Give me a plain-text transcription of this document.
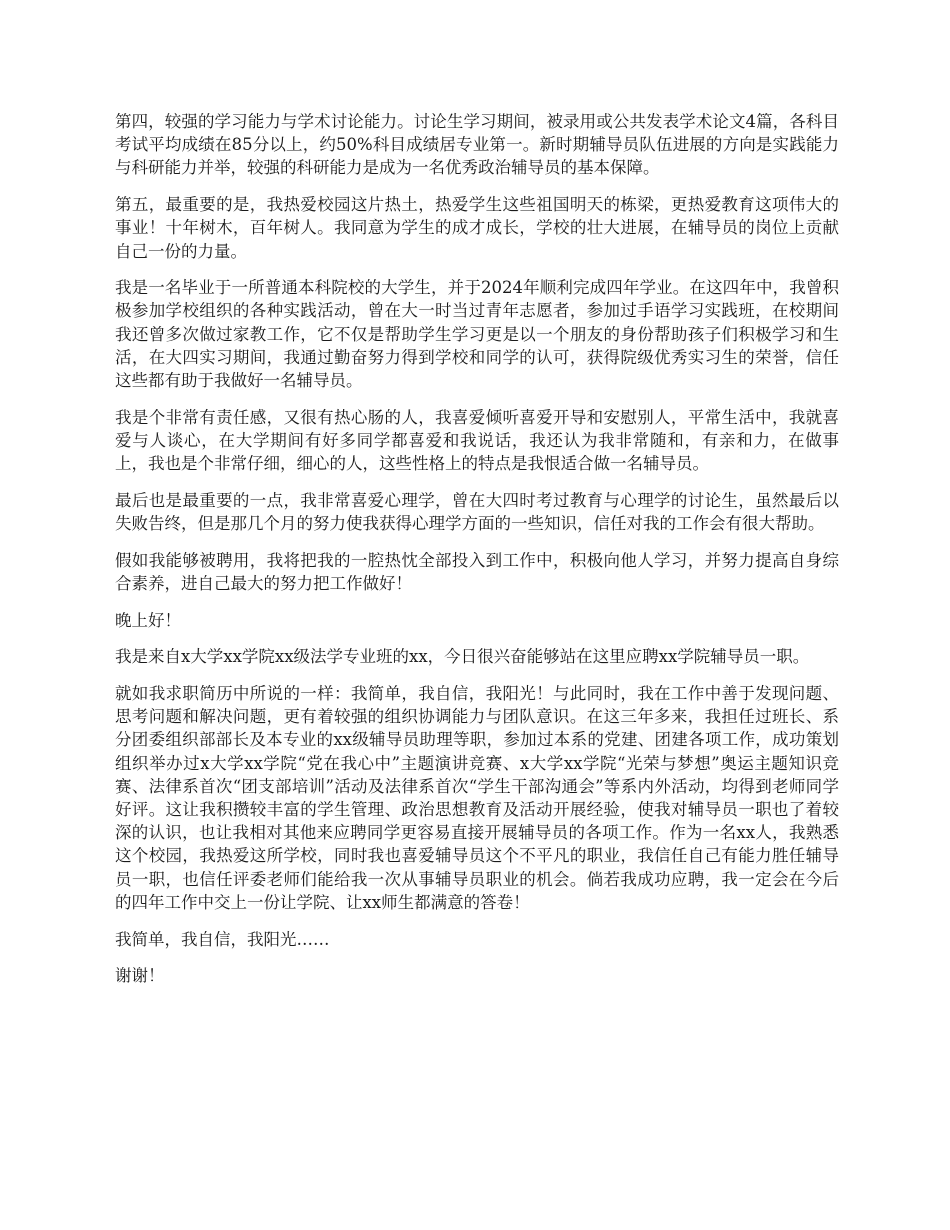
第四，较强的学习能力与学术讨论能力。讨论生学习期间，被录用或公共发表学术论文4篇，各科目考试平均成绩在85分以上，约50%科目成绩居专业第一。新时期辅导员队伍进展的方向是实践能力与科研能力并举，较强的科研能力是成为一名优秀政治辅导员的基本保障。

第五，最重要的是，我热爱校园这片热土，热爱学生这些祖国明天的栋梁，更热爱教育这项伟大的事业！十年树木，百年树人。我同意为学生的成才成长，学校的壮大进展，在辅导员的岗位上贡献自己一份的力量。

我是一名毕业于一所普通本科院校的大学生，并于2024年顺利完成四年学业。在这四年中，我曾积极参加学校组织的各种实践活动，曾在大一时当过青年志愿者，参加过手语学习实践班，在校期间我还曾多次做过家教工作，它不仅是帮助学生学习更是以一个朋友的身份帮助孩子们积极学习和生活，在大四实习期间，我通过勤奋努力得到学校和同学的认可，获得院级优秀实习生的荣誉，信任这些都有助于我做好一名辅导员。

我是个非常有责任感，又很有热心肠的人，我喜爱倾听喜爱开导和安慰别人，平常生活中，我就喜爱与人谈心，在大学期间有好多同学都喜爱和我说话，我还认为我非常随和，有亲和力，在做事上，我也是个非常仔细，细心的人，这些性格上的特点是我恨适合做一名辅导员。

最后也是最重要的一点，我非常喜爱心理学，曾在大四时考过教育与心理学的讨论生，虽然最后以失败告终，但是那几个月的努力使我获得心理学方面的一些知识，信任对我的工作会有很大帮助。

假如我能够被聘用，我将把我的一腔热忱全部投入到工作中，积极向他人学习，并努力提高自身综合素养，进自己最大的努力把工作做好！

晚上好！

我是来自x大学xx学院xx级法学专业班的xx，今日很兴奋能够站在这里应聘xx学院辅导员一职。

就如我求职简历中所说的一样：我简单，我自信，我阳光！与此同时，我在工作中善于发现问题、思考问题和解决问题，更有着较强的组织协调能力与团队意识。在这三年多来，我担任过班长、系分团委组织部部长及本专业的xx级辅导员助理等职，参加过本系的党建、团建各项工作，成功策划组织举办过x大学xx学院“党在我心中”主题演讲竞赛、x大学xx学院“光荣与梦想”奥运主题知识竞赛、法律系首次“团支部培训”活动及法律系首次“学生干部沟通会”等系内外活动，均得到老师同学好评。这让我积攒较丰富的学生管理、政治思想教育及活动开展经验，使我对辅导员一职也了着较深的认识，也让我相对其他来应聘同学更容易直接开展辅导员的各项工作。作为一名xx人，我熟悉这个校园，我热爱这所学校，同时我也喜爱辅导员这个不平凡的职业，我信任自己有能力胜任辅导员一职，也信任评委老师们能给我一次从事辅导员职业的机会。倘若我成功应聘，我一定会在今后的四年工作中交上一份让学院、让xx师生都满意的答卷！

我简单，我自信，我阳光……

谢谢！
